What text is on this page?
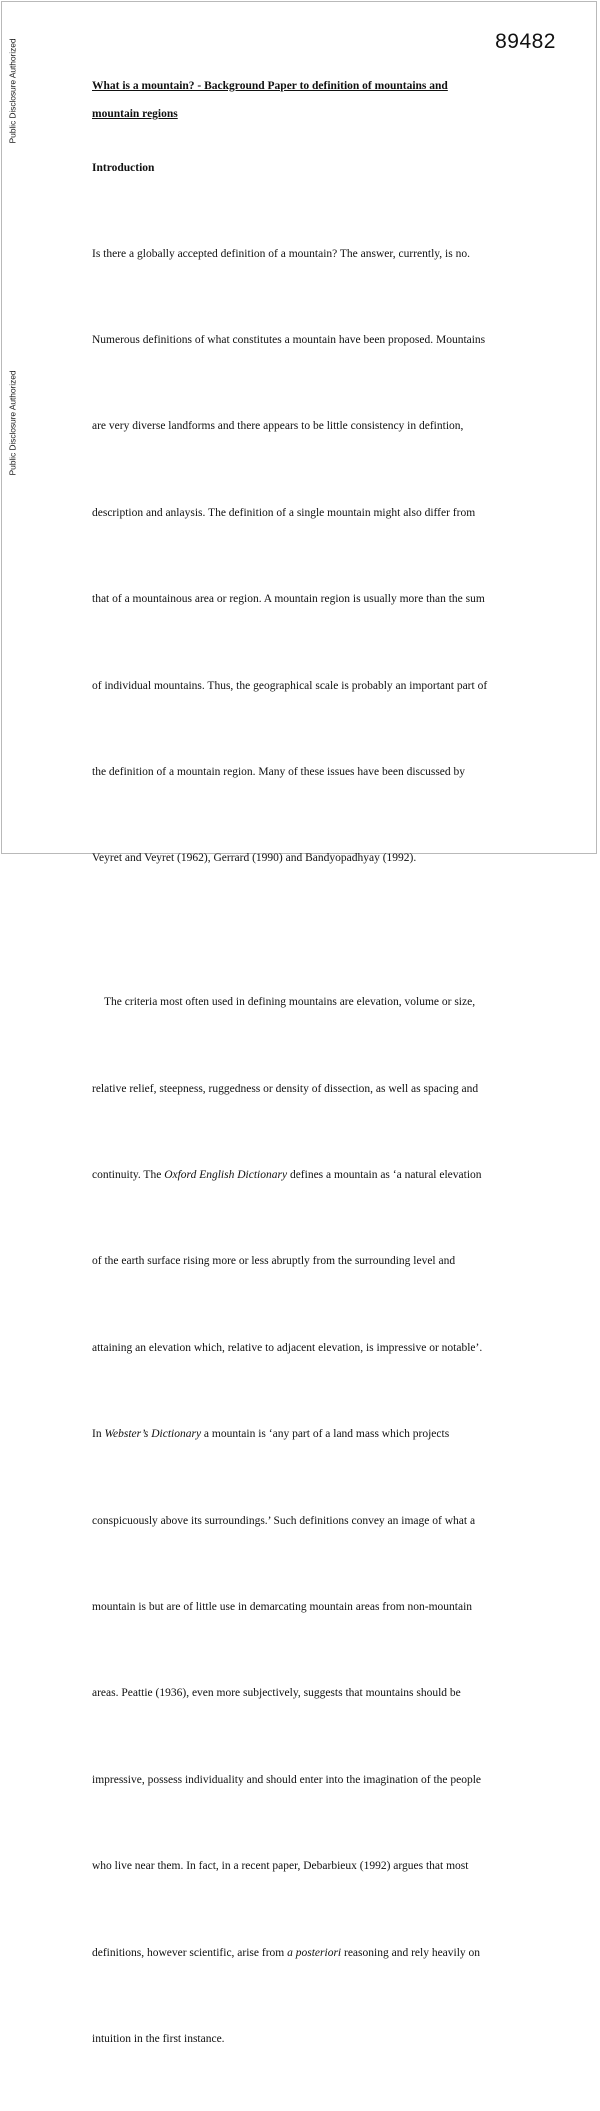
Public Disclosure Authorized
Public Disclosure Authorized
89482
What is a mountain? - Background Paper to definition of mountains and
mountain regions
Introduction

Is there a globally accepted definition of a mountain? The answer, currently, is no.

Numerous definitions of what constitutes a mountain have been proposed. Mountains

are very diverse landforms and there appears to be little consistency in defintion,

description and anlaysis. The definition of a single mountain might also differ from

that of a mountainous area or region. A mountain region is usually more than the sum

of individual mountains. Thus, the geographical scale is probably an important part of

the definition of a mountain region. Many of these issues have been discussed by

Veyret and Veyret (1962), Gerrard (1990) and Bandyopadhyay (1992).

The criteria most often used in defining mountains are elevation, volume or size,

relative relief, steepness, ruggedness or density of dissection, as well as spacing and

continuity. The Oxford English Dictionary defines a mountain as ‘a natural elevation

of the earth surface rising more or less abruptly from the surrounding level and

attaining an elevation which, relative to adjacent elevation, is impressive or notable’.

In Webster’s Dictionary a mountain is ‘any part of a land mass which projects

conspicuously above its surroundings.’ Such definitions convey an image of what a

mountain is but are of little use in demarcating mountain areas from non-mountain

areas. Peattie (1936), even more subjectively, suggests that mountains should be

impressive, possess individuality and should enter into the imagination of the people

who live near them. In fact, in a recent paper, Debarbieux (1992) argues that most

definitions, however scientific, arise from a posteriori reasoning and rely heavily on

intuition in the first instance.
